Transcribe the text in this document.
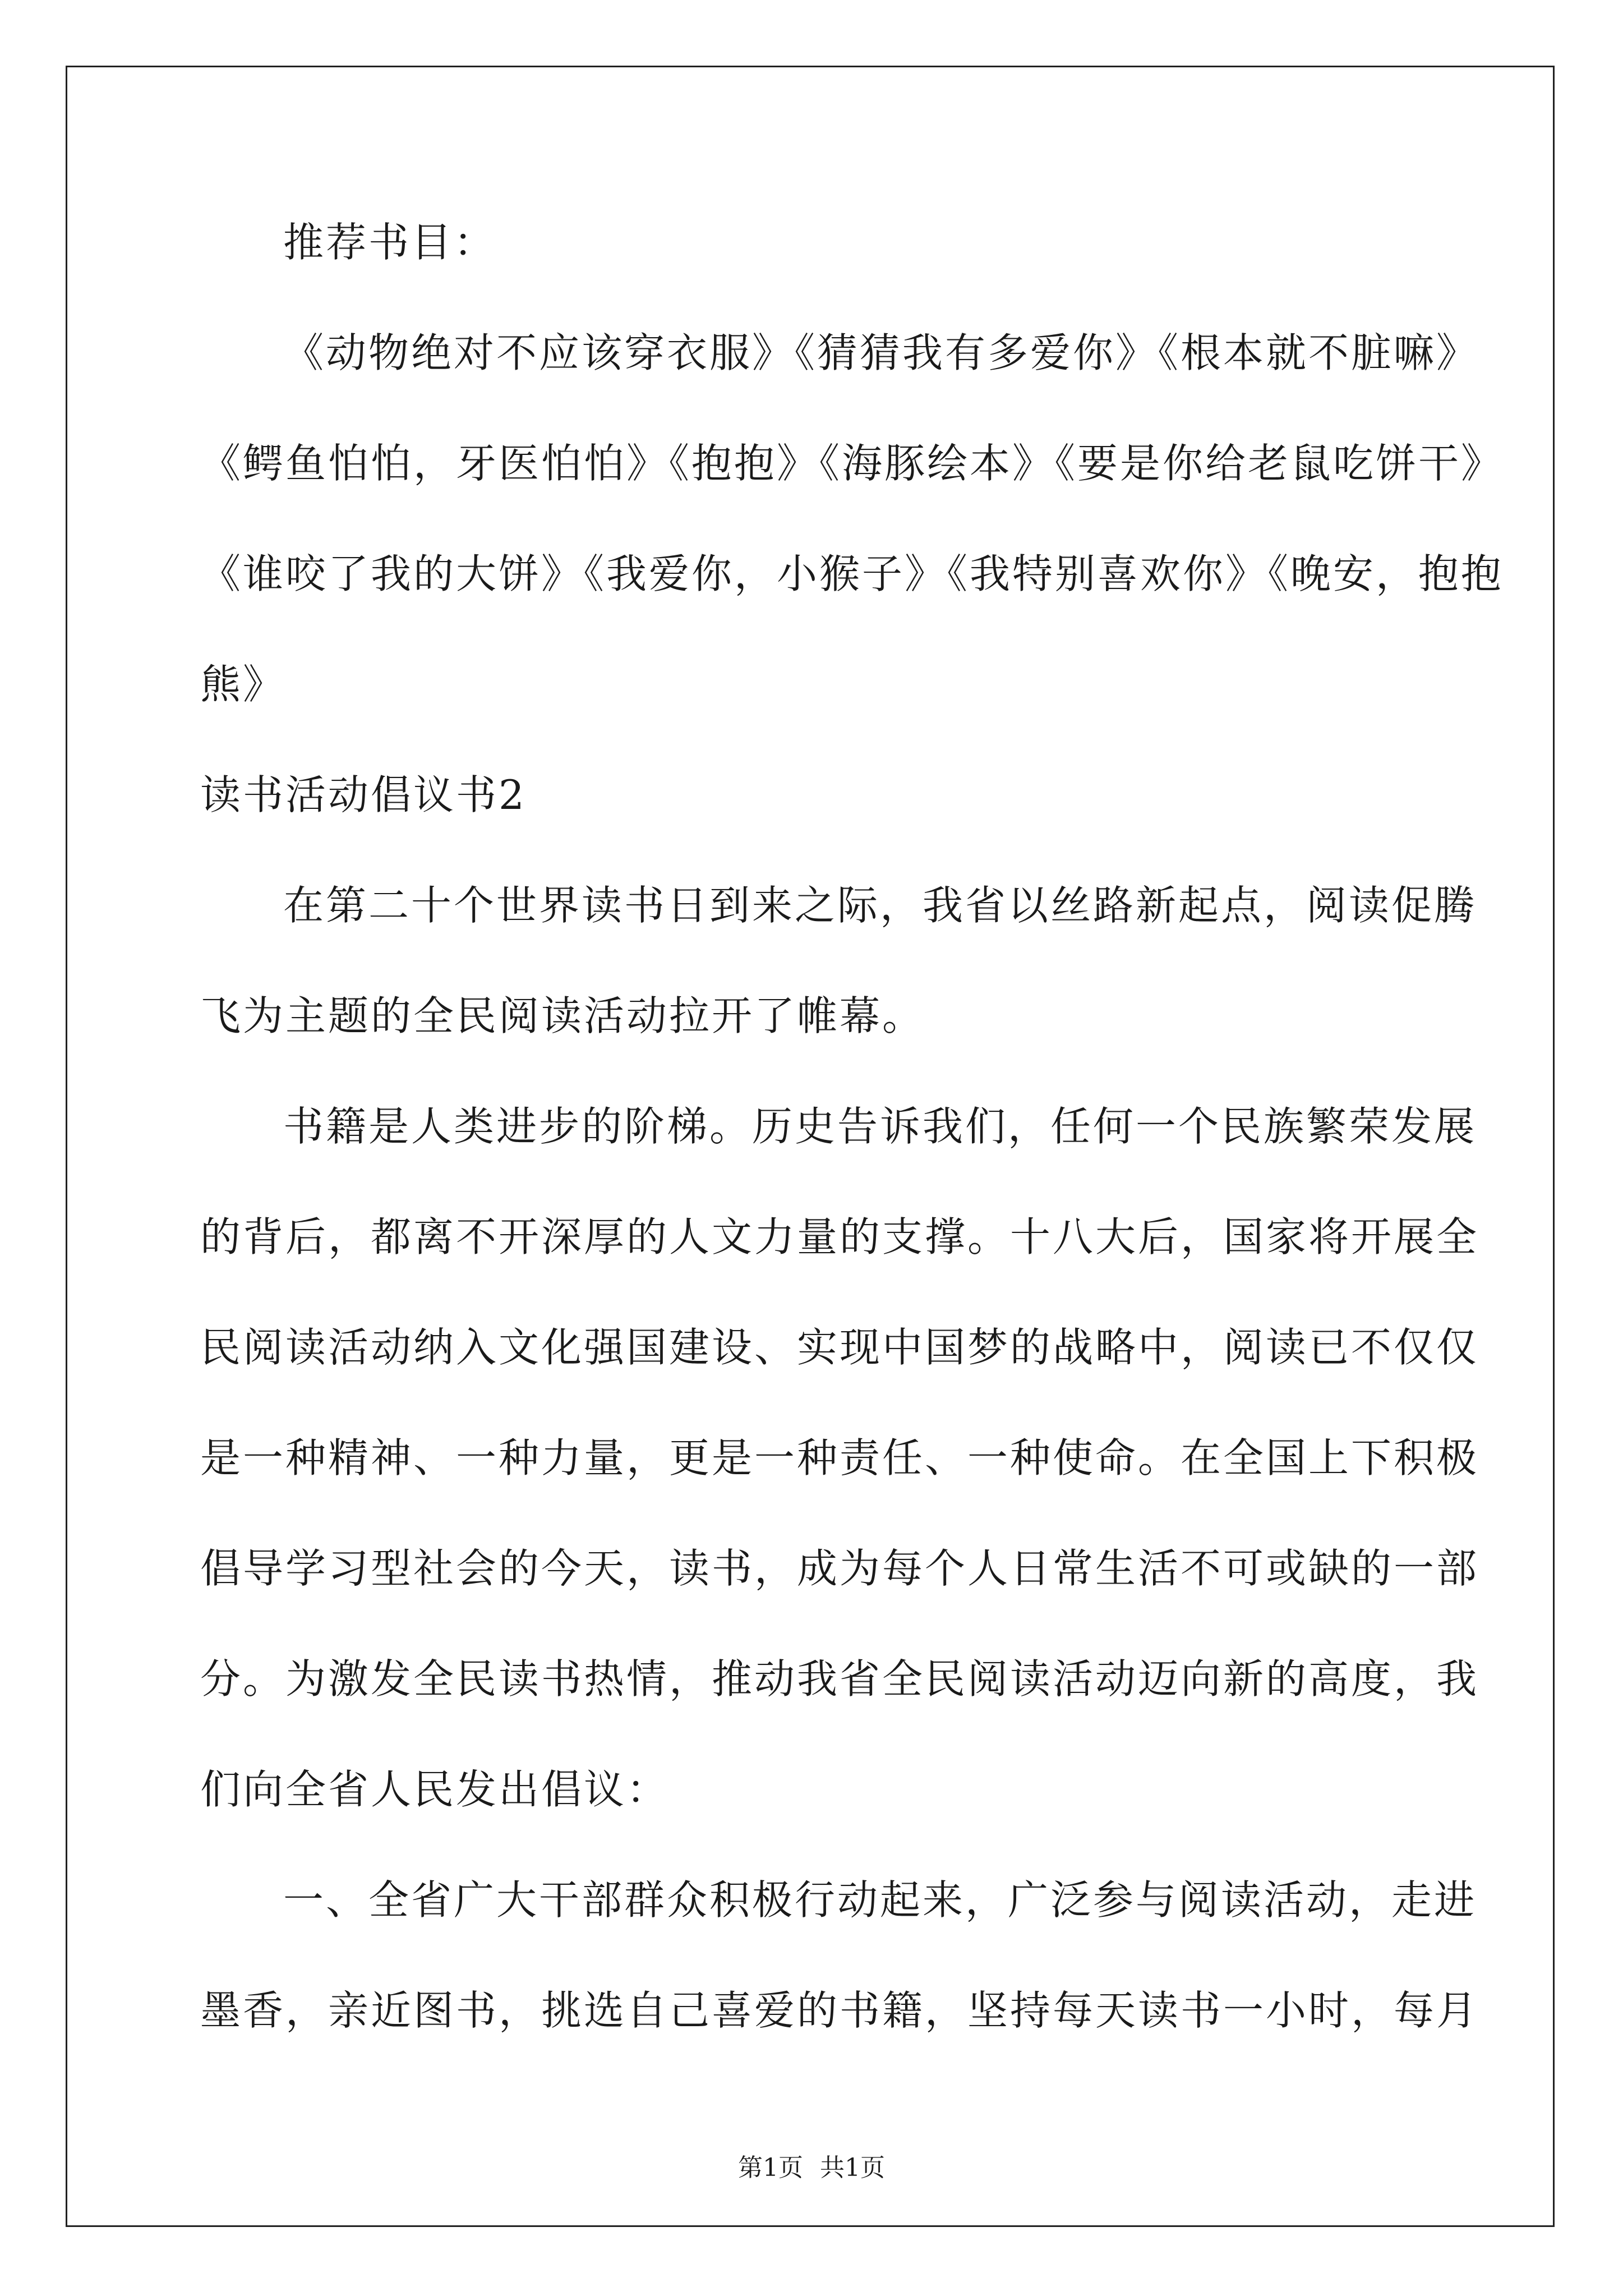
推荐书目：
《动物绝对不应该穿衣服》《猜猜我有多爱你》《根本就不脏嘛》
《鳄鱼怕怕，牙医怕怕》《抱抱》《海豚绘本》《要是你给老鼠吃饼干》
《谁咬了我的大饼》《我爱你，小猴子》《我特别喜欢你》《晚安，抱抱
熊》
读书活动倡议书2
在第二十个世界读书日到来之际，我省以丝路新起点，阅读促腾
飞为主题的全民阅读活动拉开了帷幕。
书籍是人类进步的阶梯。历史告诉我们，任何一个民族繁荣发展
的背后，都离不开深厚的人文力量的支撑。十八大后，国家将开展全
民阅读活动纳入文化强国建设、实现中国梦的战略中，阅读已不仅仅
是一种精神、一种力量，更是一种责任、一种使命。在全国上下积极
倡导学习型社会的今天，读书，成为每个人日常生活不可或缺的一部
分。为激发全民读书热情，推动我省全民阅读活动迈向新的高度，我
们向全省人民发出倡议：
一、全省广大干部群众积极行动起来，广泛参与阅读活动，走进
墨香，亲近图书，挑选自己喜爱的书籍，坚持每天读书一小时，每月
第1页 共1页
